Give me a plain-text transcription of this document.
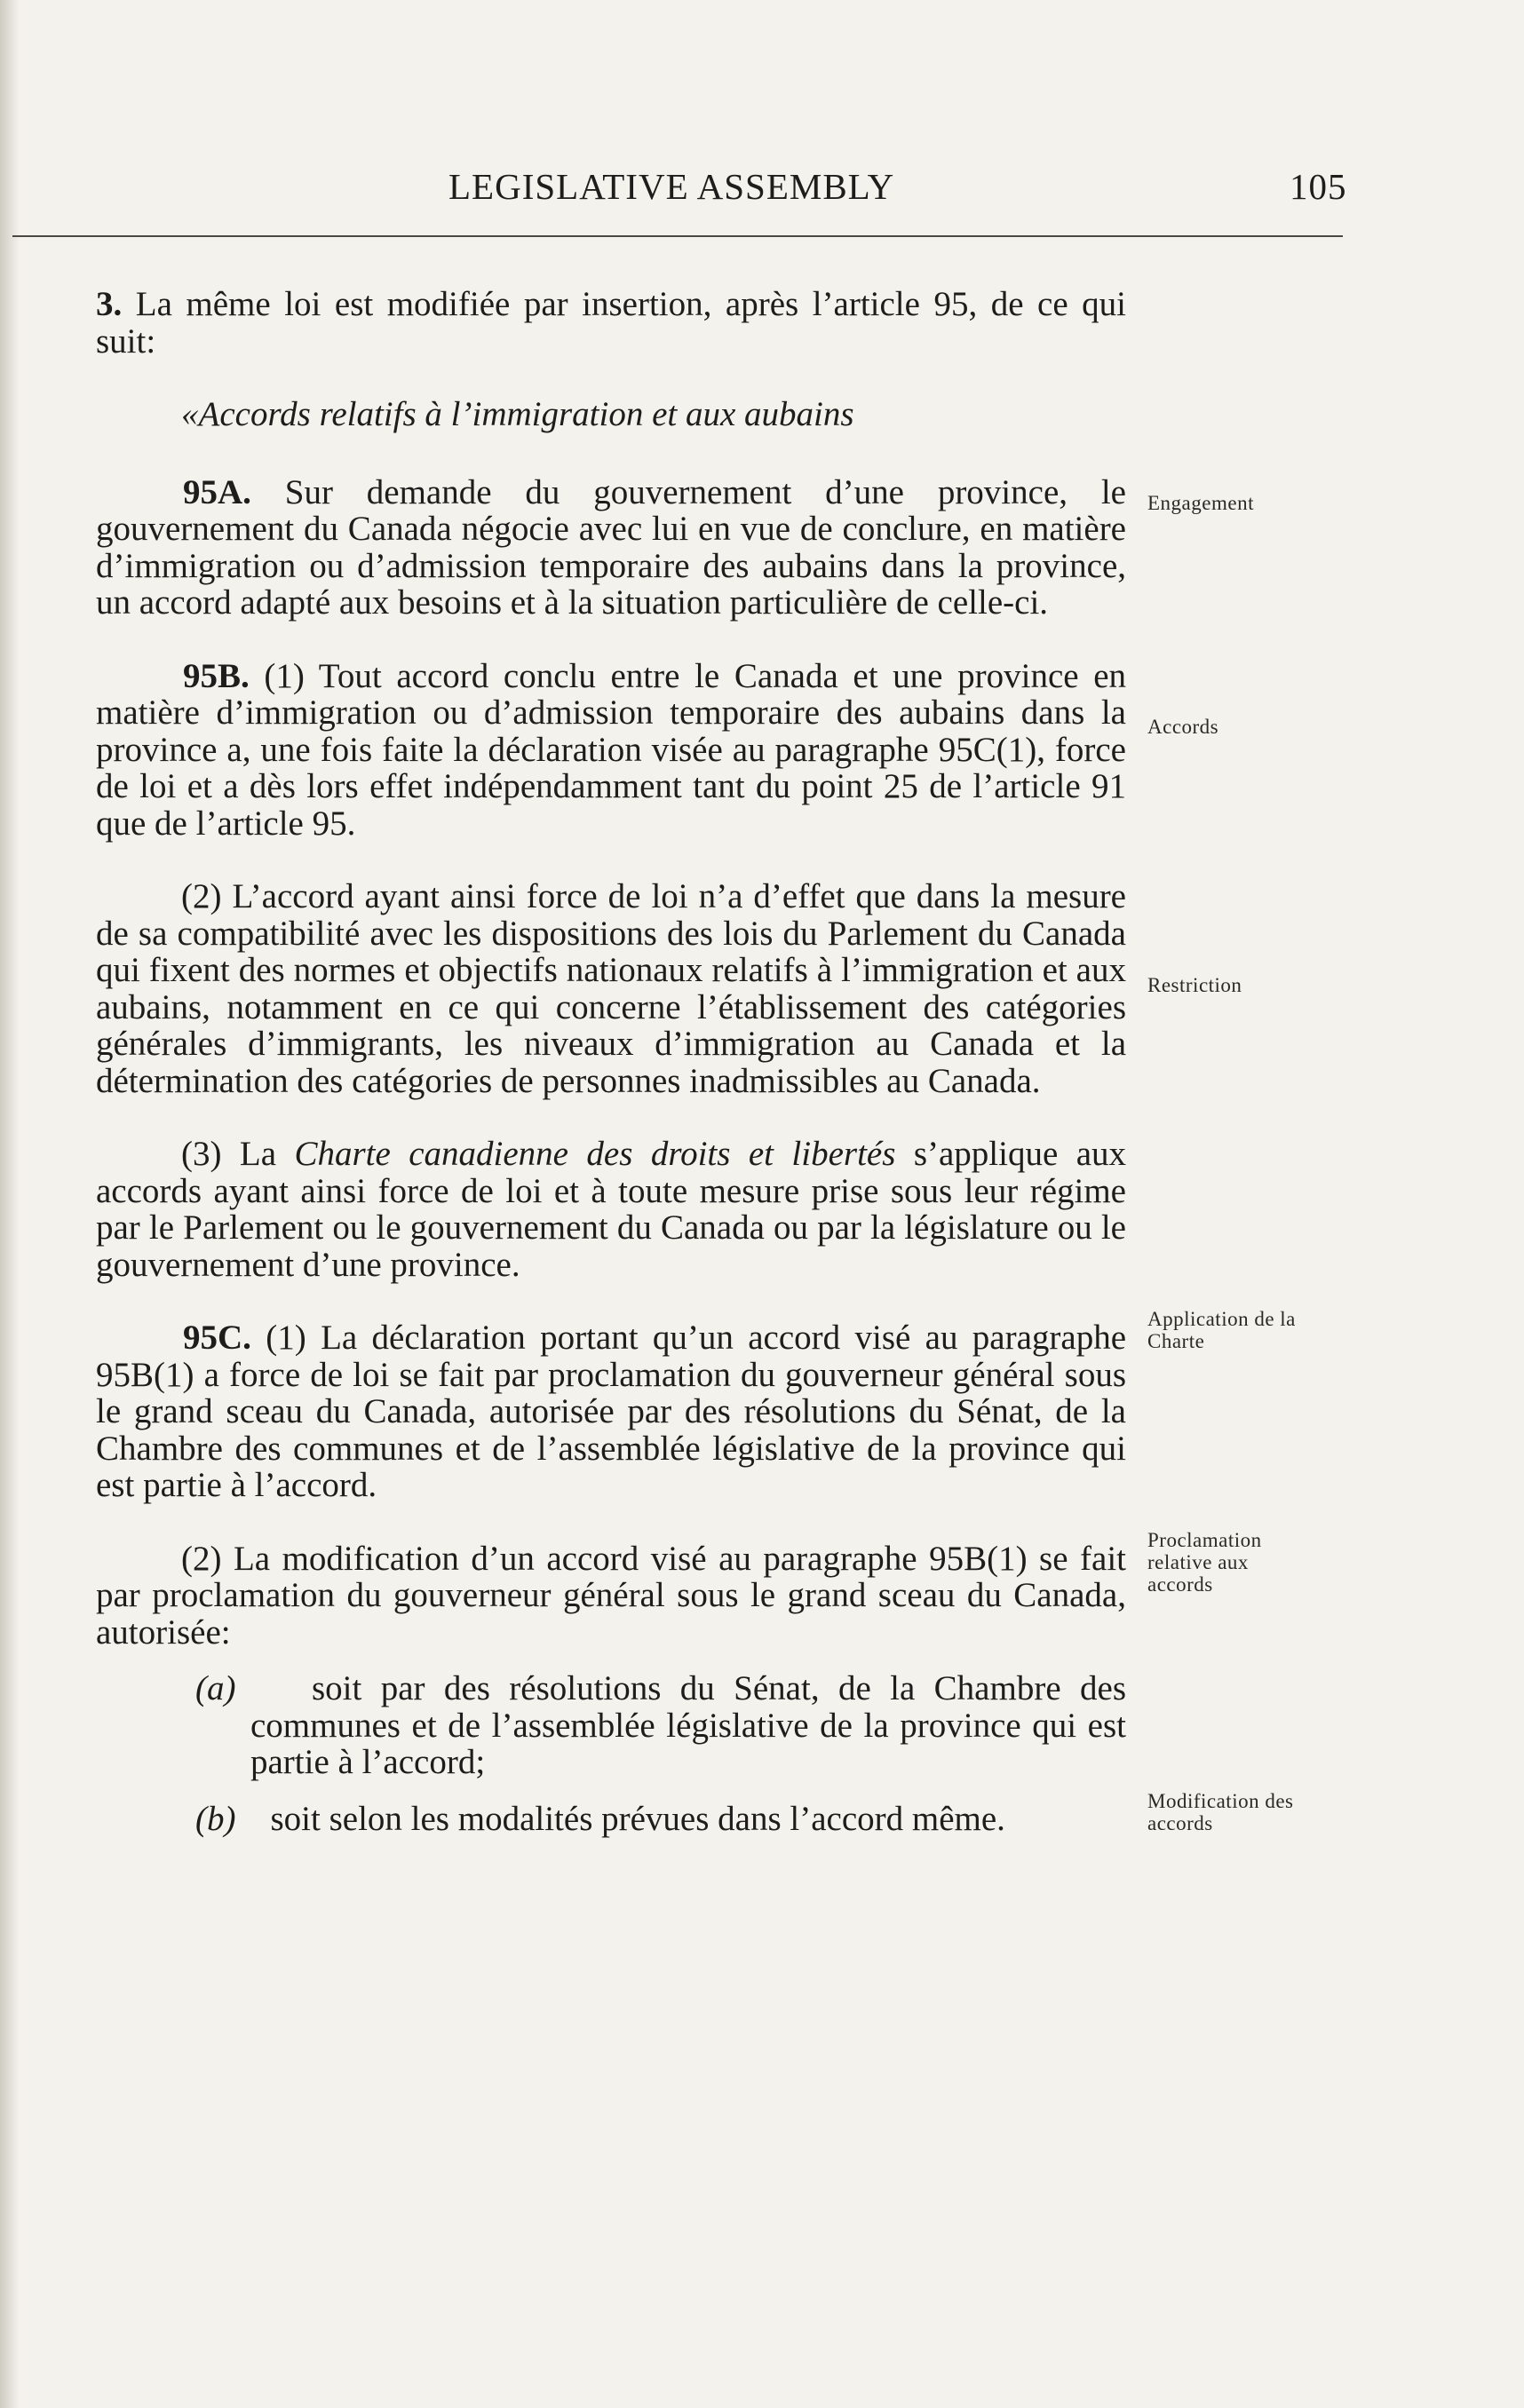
LEGISLATIVE ASSEMBLY	105

3. La même loi est modifiée par insertion, après l’article 95, de ce qui suit:

«Accords relatifs à l’immigration et aux aubains

95A. Sur demande du gouvernement d’une province, le gouvernement du Canada négocie avec lui en vue de conclure, en matière d’immigration ou d’admission temporaire des aubains dans la province, un accord adapté aux besoins et à la situation particulière de celle-ci.

95B. (1) Tout accord conclu entre le Canada et une province en matière d’immigration ou d’admission temporaire des aubains dans la province a, une fois faite la déclaration visée au paragraphe 95C(1), force de loi et a dès lors effet indépendamment tant du point 25 de l’article 91 que de l’article 95.

(2) L’accord ayant ainsi force de loi n’a d’effet que dans la mesure de sa compatibilité avec les dispositions des lois du Parlement du Canada qui fixent des normes et objectifs nationaux relatifs à l’immigration et aux aubains, notamment en ce qui concerne l’établissement des catégories générales d’immigrants, les niveaux d’immigration au Canada et la détermination des catégories de personnes inadmissibles au Canada.

(3) La Charte canadienne des droits et libertés s’applique aux accords ayant ainsi force de loi et à toute mesure prise sous leur régime par le Parlement ou le gouvernement du Canada ou par la législature ou le gouvernement d’une province.

95C. (1) La déclaration portant qu’un accord visé au paragraphe 95B(1) a force de loi se fait par proclamation du gouverneur général sous le grand sceau du Canada, autorisée par des résolutions du Sénat, de la Chambre des communes et de l’assemblée législative de la province qui est partie à l’accord.

(2) La modification d’un accord visé au paragraphe 95B(1) se fait par proclamation du gouverneur général sous le grand sceau du Canada, autorisée:

(a) soit par des résolutions du Sénat, de la Chambre des communes et de l’assemblée législative de la province qui est partie à l’accord;

(b) soit selon les modalités prévues dans l’accord même.

Engagement
Accords
Restriction
Application de la
Charte
Proclamation
relative aux
accords
Modification des
accords
